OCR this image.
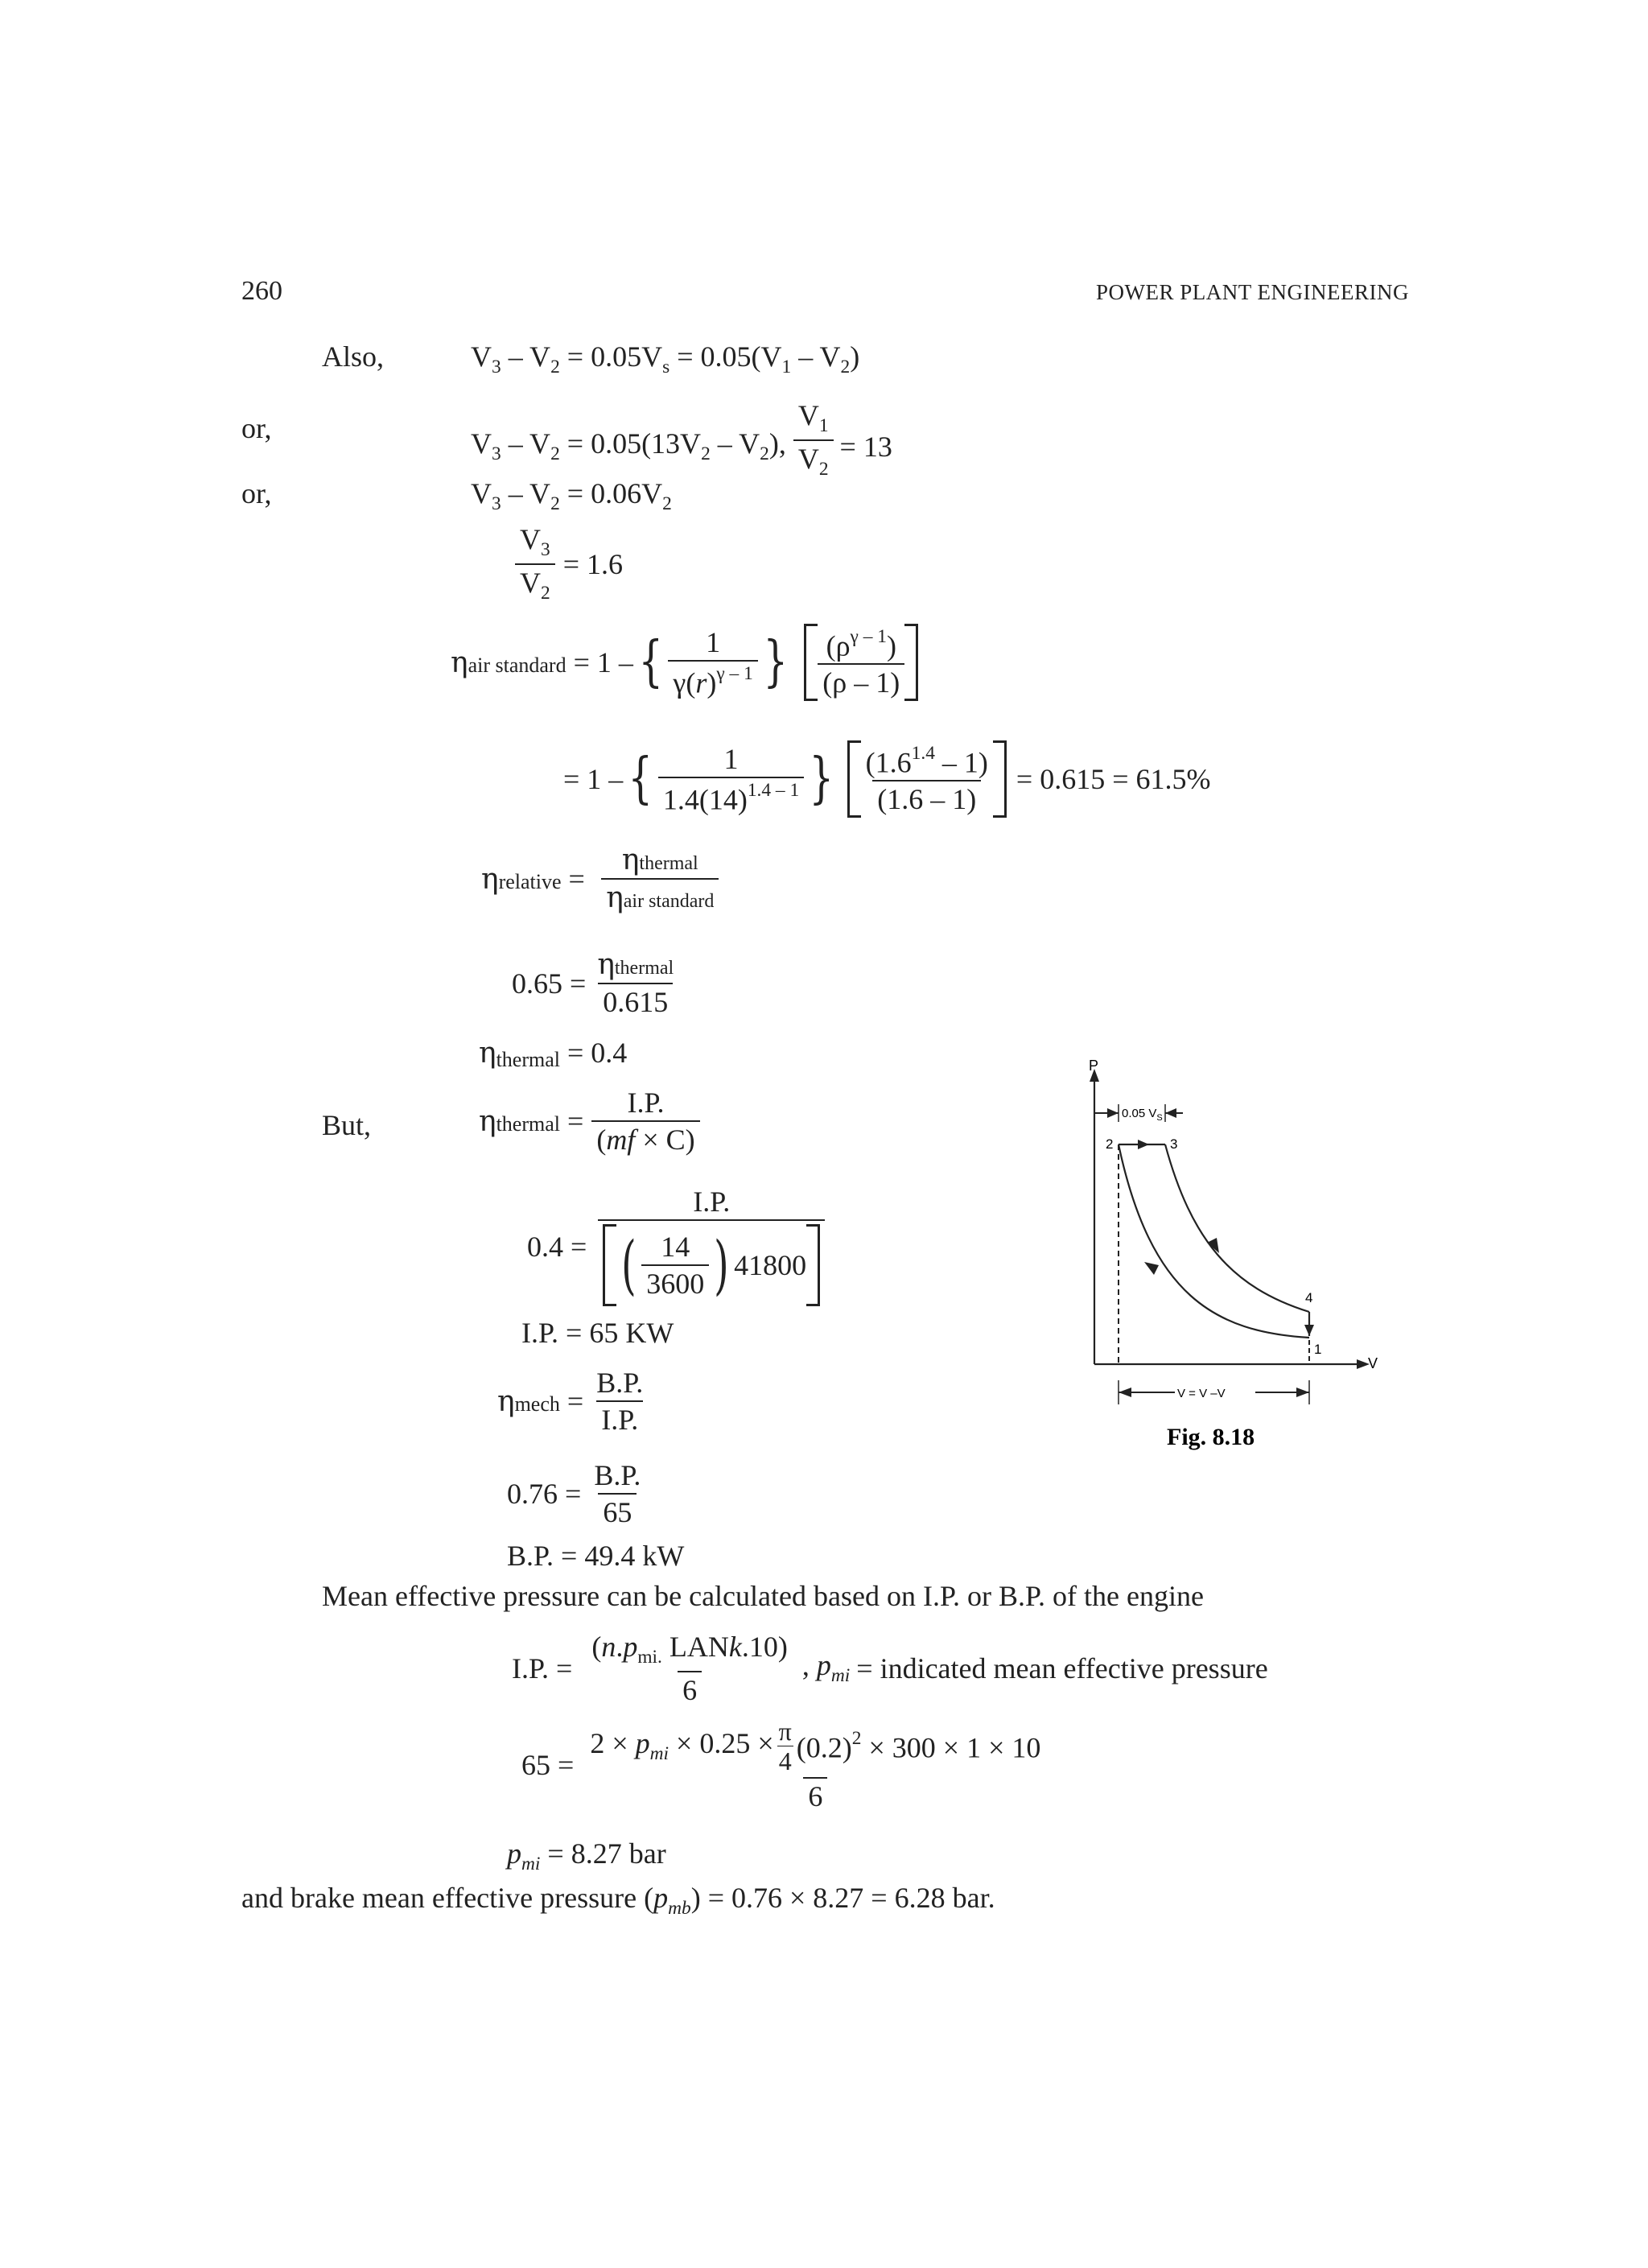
260	POWER PLANT ENGINEERING
Also,	$V_3 - V_2 = 0.05V_s = 0.05(V_1 - V_2)$
or,	$V_3 - V_2 = 0.05(13V_2 - V_2)$, $\frac{V_1}{V_2} = 13$
or,	$V_3 - V_2 = 0.06V_2$
$\frac{V_3}{V_2} = 1.6$
ηair standard = 1 – { $\frac{1}{\gamma(r)^{\gamma - 1}}$ } $\frac{(\rho^{\gamma - 1})}{(\rho - 1)}$
= 1 – { $\frac{1}{1.4(14)^{1.4 - 1}}$ } $\frac{(1.6^{1.4} - 1)}{(1.6 - 1)} = 0.615 = 61.5\%$
ηrelative = $\frac{\text{ηthermal}}{\text{ηair standard}}$
$0.65 = \frac{\text{ηthermal}}{0.615}$
ηthermal = 0.4
But,	ηthermal = $\frac{I.P.}{(mf \times C)}$
$0.4 = \frac{I.P.}{( \frac{14}{3600} ) 41800}$
I.P. = 65 KW
ηmech = $\frac{B.P.}{I.P.}$
$0.76 = \frac{B.P.}{65}$
B.P. = 49.4 kW
Mean effective pressure can be calculated based on I.P. or B.P. of the engine
I.P. = $\frac{(n.p_{mi.} LANk.10)}{6}$ , $p_{mi}$ = indicated mean effective pressure
$65 = \frac{2 \times p_{mi} \times 0.25 \times \frac{\pi}{4} (0.2)^2 \times 300 \times 1 \times 10}{6}$
$p_{mi} = 8.27$ bar
and brake mean effective pressure $(p_{mb}) = 0.76 \times 8.27 = 6.28$ bar.
P
V
2	3
4
1
0.05 $V_S$
V = V –V
Fig. 8.18
